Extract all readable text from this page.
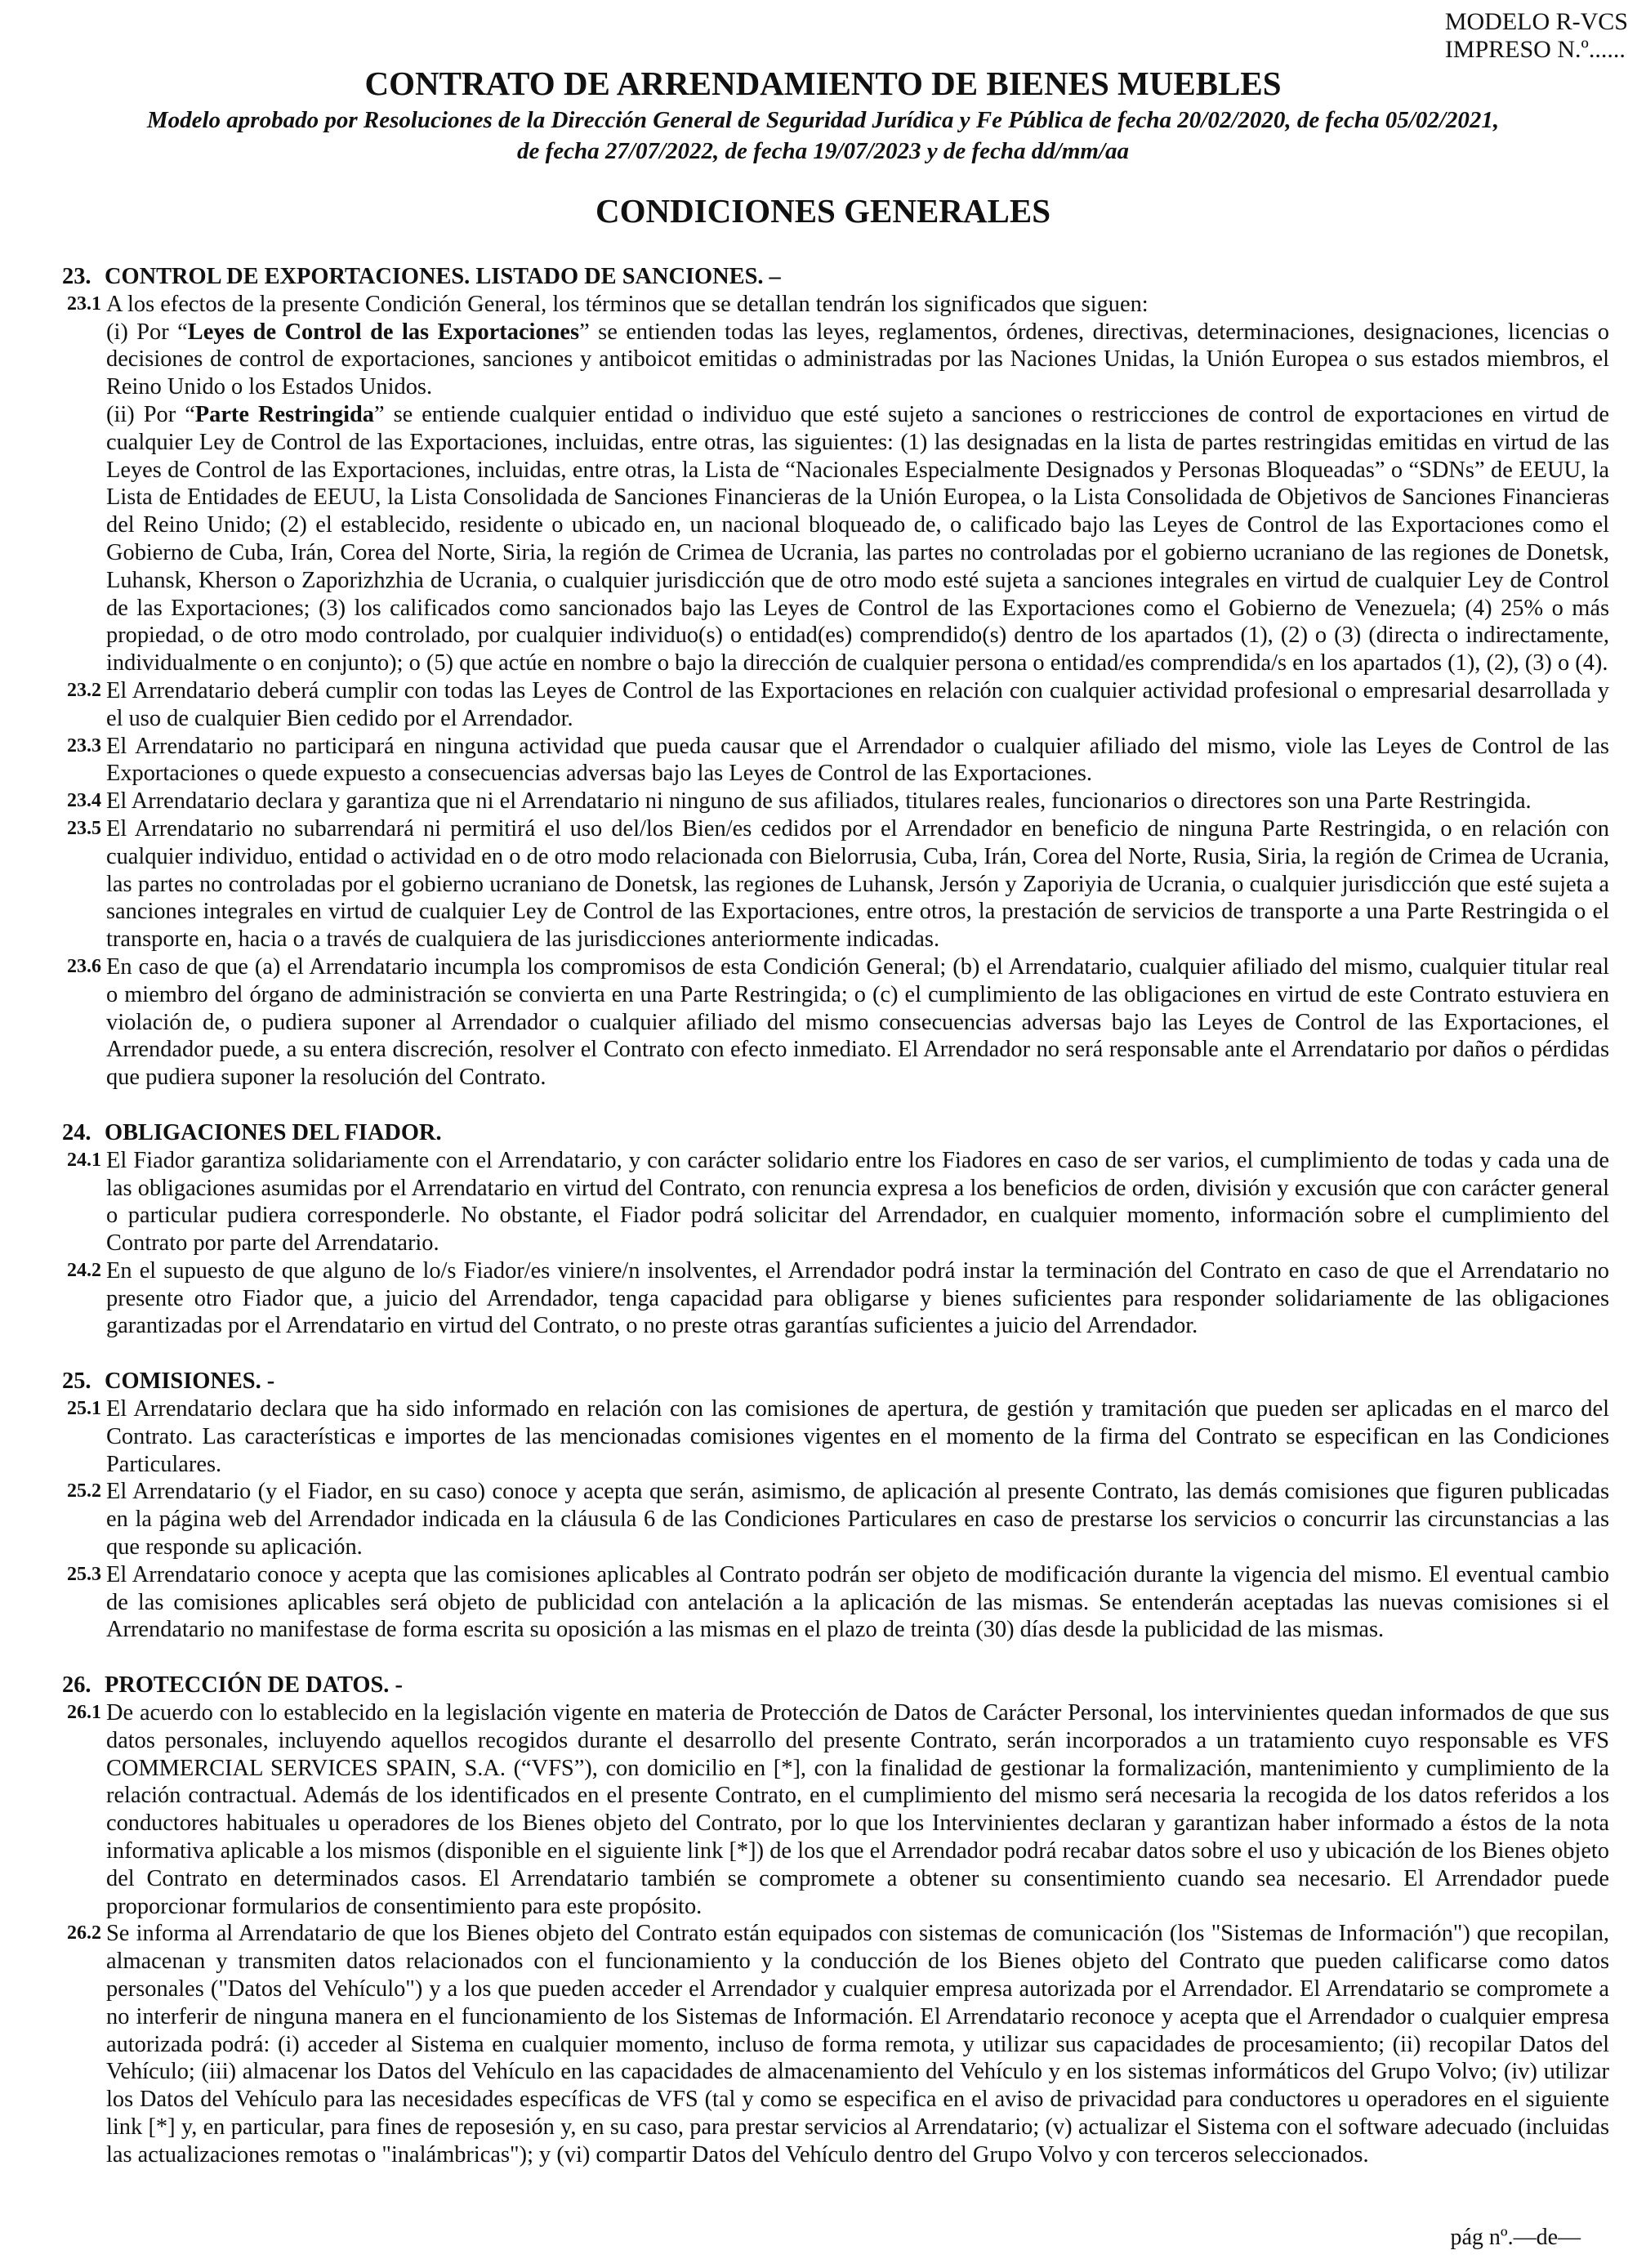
MODELO R-VCS
IMPRESO N.º......
CONTRATO DE ARRENDAMIENTO DE BIENES MUEBLES
Modelo aprobado por Resoluciones de la Dirección General de Seguridad Jurídica y Fe Pública de fecha 20/02/2020, de fecha 05/02/2021,
de fecha 27/07/2022, de fecha 19/07/2023 y de fecha dd/mm/aa
CONDICIONES GENERALES
23. CONTROL DE EXPORTACIONES. LISTADO DE SANCIONES. –
23.1 A los efectos de la presente Condición General, los términos que se detallan tendrán los significados que siguen:

(i) Por “Leyes de Control de las Exportaciones” se entienden todas las leyes, reglamentos, órdenes, directivas, determinaciones, designaciones, licencias o decisiones de control de exportaciones, sanciones y antiboicot emitidas o administradas por las Naciones Unidas, la Unión Europea o sus estados miembros, el Reino Unido o los Estados Unidos.

(ii) Por “Parte Restringida” se entiende cualquier entidad o individuo que esté sujeto a sanciones o restricciones de control de exportaciones en virtud de cualquier Ley de Control de las Exportaciones, incluidas, entre otras, las siguientes: (1) las designadas en la lista de partes restringidas emitidas en virtud de las Leyes de Control de las Exportaciones, incluidas, entre otras, la Lista de “Nacionales Especialmente Designados y Personas Bloqueadas” o “SDNs” de EEUU, la Lista de Entidades de EEUU, la Lista Consolidada de Sanciones Financieras de la Unión Europea, o la Lista Consolidada de Objetivos de Sanciones Financieras del Reino Unido; (2) el establecido, residente o ubicado en, un nacional bloqueado de, o calificado bajo las Leyes de Control de las Exportaciones como el Gobierno de Cuba, Irán, Corea del Norte, Siria, la región de Crimea de Ucrania, las partes no controladas por el gobierno ucraniano de las regiones de Donetsk, Luhansk, Kherson o Zaporizhzhia de Ucrania, o cualquier jurisdicción que de otro modo esté sujeta a sanciones integrales en virtud de cualquier Ley de Control de las Exportaciones; (3) los calificados como sancionados bajo las Leyes de Control de las Exportaciones como el Gobierno de Venezuela; (4) 25% o más propiedad, o de otro modo controlado, por cualquier individuo(s) o entidad(es) comprendido(s) dentro de los apartados (1), (2) o (3) (directa o indirectamente, individualmente o en conjunto); o (5) que actúe en nombre o bajo la dirección de cualquier persona o entidad/es comprendida/s en los apartados (1), (2), (3) o (4).

23.2 El Arrendatario deberá cumplir con todas las Leyes de Control de las Exportaciones en relación con cualquier actividad profesional o empresarial desarrollada y el uso de cualquier Bien cedido por el Arrendador.
23.3 El Arrendatario no participará en ninguna actividad que pueda causar que el Arrendador o cualquier afiliado del mismo, viole las Leyes de Control de las Exportaciones o quede expuesto a consecuencias adversas bajo las Leyes de Control de las Exportaciones.
23.4 El Arrendatario declara y garantiza que ni el Arrendatario ni ninguno de sus afiliados, titulares reales, funcionarios o directores son una Parte Restringida.
23.5 El Arrendatario no subarrendará ni permitirá el uso del/los Bien/es cedidos por el Arrendador en beneficio de ninguna Parte Restringida, o en relación con cualquier individuo, entidad o actividad en o de otro modo relacionada con Bielorrusia, Cuba, Irán, Corea del Norte, Rusia, Siria, la región de Crimea de Ucrania, las partes no controladas por el gobierno ucraniano de Donetsk, las regiones de Luhansk, Jersón y Zaporiyia de Ucrania, o cualquier jurisdicción que esté sujeta a sanciones integrales en virtud de cualquier Ley de Control de las Exportaciones, entre otros, la prestación de servicios de transporte a una Parte Restringida o el transporte en, hacia o a través de cualquiera de las jurisdicciones anteriormente indicadas.
23.6 En caso de que (a) el Arrendatario incumpla los compromisos de esta Condición General; (b) el Arrendatario, cualquier afiliado del mismo, cualquier titular real o miembro del órgano de administración se convierta en una Parte Restringida; o (c) el cumplimiento de las obligaciones en virtud de este Contrato estuviera en violación de, o pudiera suponer al Arrendador o cualquier afiliado del mismo consecuencias adversas bajo las Leyes de Control de las Exportaciones, el Arrendador puede, a su entera discreción, resolver el Contrato con efecto inmediato. El Arrendador no será responsable ante el Arrendatario por daños o pérdidas que pudiera suponer la resolución del Contrato.
24. OBLIGACIONES DEL FIADOR.
24.1 El Fiador garantiza solidariamente con el Arrendatario, y con carácter solidario entre los Fiadores en caso de ser varios, el cumplimiento de todas y cada una de las obligaciones asumidas por el Arrendatario en virtud del Contrato, con renuncia expresa a los beneficios de orden, división y excusión que con carácter general o particular pudiera corresponderle. No obstante, el Fiador podrá solicitar del Arrendador, en cualquier momento, información sobre el cumplimiento del Contrato por parte del Arrendatario.
24.2 En el supuesto de que alguno de lo/s Fiador/es viniere/n insolventes, el Arrendador podrá instar la terminación del Contrato en caso de que el Arrendatario no presente otro Fiador que, a juicio del Arrendador, tenga capacidad para obligarse y bienes suficientes para responder solidariamente de las obligaciones garantizadas por el Arrendatario en virtud del Contrato, o no preste otras garantías suficientes a juicio del Arrendador.
25. COMISIONES. -
25.1 El Arrendatario declara que ha sido informado en relación con las comisiones de apertura, de gestión y tramitación que pueden ser aplicadas en el marco del Contrato. Las características e importes de las mencionadas comisiones vigentes en el momento de la firma del Contrato se especifican en las Condiciones Particulares.
25.2 El Arrendatario (y el Fiador, en su caso) conoce y acepta que serán, asimismo, de aplicación al presente Contrato, las demás comisiones que figuren publicadas en la página web del Arrendador indicada en la cláusula 6 de las Condiciones Particulares en caso de prestarse los servicios o concurrir las circunstancias a las que responde su aplicación.
25.3 El Arrendatario conoce y acepta que las comisiones aplicables al Contrato podrán ser objeto de modificación durante la vigencia del mismo. El eventual cambio de las comisiones aplicables será objeto de publicidad con antelación a la aplicación de las mismas. Se entenderán aceptadas las nuevas comisiones si el Arrendatario no manifestase de forma escrita su oposición a las mismas en el plazo de treinta (30) días desde la publicidad de las mismas.
26. PROTECCIÓN DE DATOS. -
26.1 De acuerdo con lo establecido en la legislación vigente en materia de Protección de Datos de Carácter Personal, los intervinientes quedan informados de que sus datos personales, incluyendo aquellos recogidos durante el desarrollo del presente Contrato, serán incorporados a un tratamiento cuyo responsable es VFS COMMERCIAL SERVICES SPAIN, S.A. (“VFS”), con domicilio en [*], con la finalidad de gestionar la formalización, mantenimiento y cumplimiento de la relación contractual. Además de los identificados en el presente Contrato, en el cumplimiento del mismo será necesaria la recogida de los datos referidos a los conductores habituales u operadores de los Bienes objeto del Contrato, por lo que los Intervinientes declaran y garantizan haber informado a éstos de la nota informativa aplicable a los mismos (disponible en el siguiente link [*]) de los que el Arrendador podrá recabar datos sobre el uso y ubicación de los Bienes objeto del Contrato en determinados casos. El Arrendatario también se compromete a obtener su consentimiento cuando sea necesario. El Arrendador puede proporcionar formularios de consentimiento para este propósito.
26.2 Se informa al Arrendatario de que los Bienes objeto del Contrato están equipados con sistemas de comunicación (los "Sistemas de Información") que recopilan, almacenan y transmiten datos relacionados con el funcionamiento y la conducción de los Bienes objeto del Contrato que pueden calificarse como datos personales ("Datos del Vehículo") y a los que pueden acceder el Arrendador y cualquier empresa autorizada por el Arrendador. El Arrendatario se compromete a no interferir de ninguna manera en el funcionamiento de los Sistemas de Información. El Arrendatario reconoce y acepta que el Arrendador o cualquier empresa autorizada podrá: (i) acceder al Sistema en cualquier momento, incluso de forma remota, y utilizar sus capacidades de procesamiento; (ii) recopilar Datos del Vehículo; (iii) almacenar los Datos del Vehículo en las capacidades de almacenamiento del Vehículo y en los sistemas informáticos del Grupo Volvo; (iv) utilizar los Datos del Vehículo para las necesidades específicas de VFS (tal y como se especifica en el aviso de privacidad para conductores u operadores en el siguiente link [*] y, en particular, para fines de reposesión y, en su caso, para prestar servicios al Arrendatario; (v) actualizar el Sistema con el software adecuado (incluidas las actualizaciones remotas o "inalámbricas"); y (vi) compartir Datos del Vehículo dentro del Grupo Volvo y con terceros seleccionados.
pág nº.—de—
